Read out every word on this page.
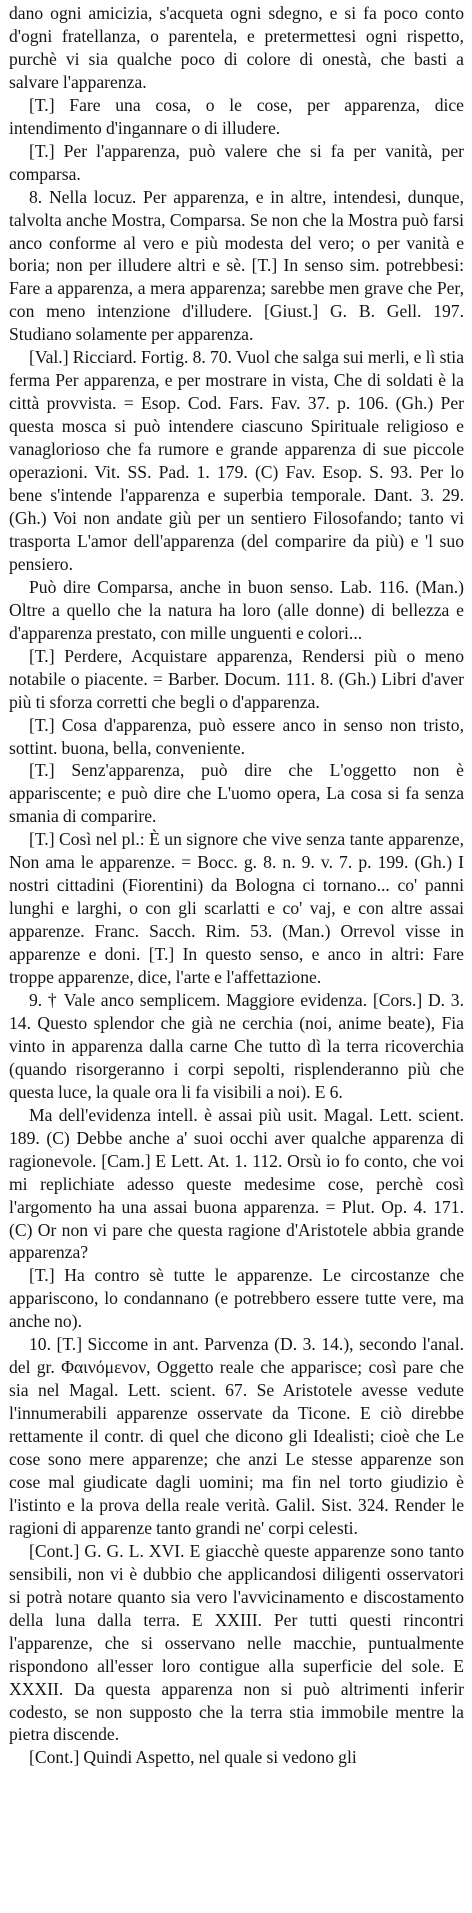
dano ogni amicizia, s'acqueta ogni sdegno, e si fa poco conto d'ogni fratellanza, o parentela, e pretermettesi ogni rispetto, purchè vi sia qualche poco di colore di onestà, che basti a salvare l'apparenza.

[T.] Fare una cosa, o le cose, per apparenza, dice intendimento d'ingannare o di illudere.

[T.] Per l'apparenza, può valere che si fa per vanità, per comparsa.

8. Nella locuz. Per apparenza, e in altre, intendesi, dunque, talvolta anche Mostra, Comparsa. Se non che la Mostra può farsi anco conforme al vero e più modesta del vero; o per vanità e boria; non per illudere altri e sè. [T.] In senso sim. potrebbesi: Fare a apparenza, a mera apparenza; sarebbe men grave che Per, con meno intenzione d'illudere. [Giust.] G. B. Gell. 197. Studiano solamente per apparenza.

[Val.] Ricciard. Fortig. 8. 70. Vuol che salga sui merli, e lì stia ferma Per apparenza, e per mostrare in vista, Che di soldati è la città provvista. = Esop. Cod. Fars. Fav. 37. p. 106. (Gh.) Per questa mosca si può intendere ciascuno Spirituale religioso e vanaglorioso che fa rumore e grande apparenza di sue piccole operazioni. Vit. SS. Pad. 1. 179. (C) Fav. Esop. S. 93. Per lo bene s'intende l'apparenza e superbia temporale. Dant. 3. 29. (Gh.) Voi non andate giù per un sentiero Filosofando; tanto vi trasporta L'amor dell'apparenza (del comparire da più) e 'l suo pensiero.

Può dire Comparsa, anche in buon senso. Lab. 116. (Man.) Oltre a quello che la natura ha loro (alle donne) di bellezza e d'apparenza prestato, con mille unguenti e colori...

[T.] Perdere, Acquistare apparenza, Rendersi più o meno notabile o piacente. = Barber. Docum. 111. 8. (Gh.) Libri d'aver più ti sforza corretti che begli o d'apparenza.

[T.] Cosa d'apparenza, può essere anco in senso non tristo, sottint. buona, bella, conveniente.

[T.] Senz'apparenza, può dire che L'oggetto non è appariscente; e può dire che L'uomo opera, La cosa si fa senza smania di comparire.

[T.] Così nel pl.: È un signore che vive senza tante apparenze, Non ama le apparenze. = Bocc. g. 8. n. 9. v. 7. p. 199. (Gh.) I nostri cittadini (Fiorentini) da Bologna ci tornano... co' panni lunghi e larghi, o con gli scarlatti e co' vaj, e con altre assai apparenze. Franc. Sacch. Rim. 53. (Man.) Orrevol visse in apparenze e doni. [T.] In questo senso, e anco in altri: Fare troppe apparenze, dice, l'arte e l'affettazione.

9. † Vale anco semplicem. Maggiore evidenza. [Cors.] D. 3. 14. Questo splendor che già ne cerchia (noi, anime beate), Fia vinto in apparenza dalla carne Che tutto dì la terra ricoverchia (quando risorgeranno i corpi sepolti, risplenderanno più che questa luce, la quale ora li fa visibili a noi). E 6.

Ma dell'evidenza intell. è assai più usit. Magal. Lett. scient. 189. (C) Debbe anche a' suoi occhi aver qualche apparenza di ragionevole. [Cam.] E Lett. At. 1. 112. Orsù io fo conto, che voi mi replichiate adesso queste medesime cose, perchè così l'argomento ha una assai buona apparenza. = Plut. Op. 4. 171. (C) Or non vi pare che questa ragione d'Aristotele abbia grande apparenza?

[T.] Ha contro sè tutte le apparenze. Le circostanze che appariscono, lo condannano (e potrebbero essere tutte vere, ma anche no).

10. [T.] Siccome in ant. Parvenza (D. 3. 14.), secondo l'anal. del gr. Φαινόμενον, Oggetto reale che apparisce; così pare che sia nel Magal. Lett. scient. 67. Se Aristotele avesse vedute l'innumerabili apparenze osservate da Ticone. E ciò direbbe rettamente il contr. di quel che dicono gli Idealisti; cioè che Le cose sono mere apparenze; che anzi Le stesse apparenze son cose mal giudicate dagli uomini; ma fin nel torto giudizio è l'istinto e la prova della reale verità. Galil. Sist. 324. Render le ragioni di apparenze tanto grandi ne' corpi celesti.

[Cont.] G. G. L. XVI. E giacchè queste apparenze sono tanto sensibili, non vi è dubbio che applicandosi diligenti osservatori si potrà notare quanto sia vero l'avvicinamento e discostamento della luna dalla terra. E XXIII. Per tutti questi rincontri l'apparenze, che si osservano nelle macchie, puntualmente rispondono all'esser loro contigue alla superficie del sole. E XXXII. Da questa apparenza non si può altrimenti inferir codesto, se non supposto che la terra stia immobile mentre la pietra discende.

[Cont.] Quindi Aspetto, nel quale si vedono gli
